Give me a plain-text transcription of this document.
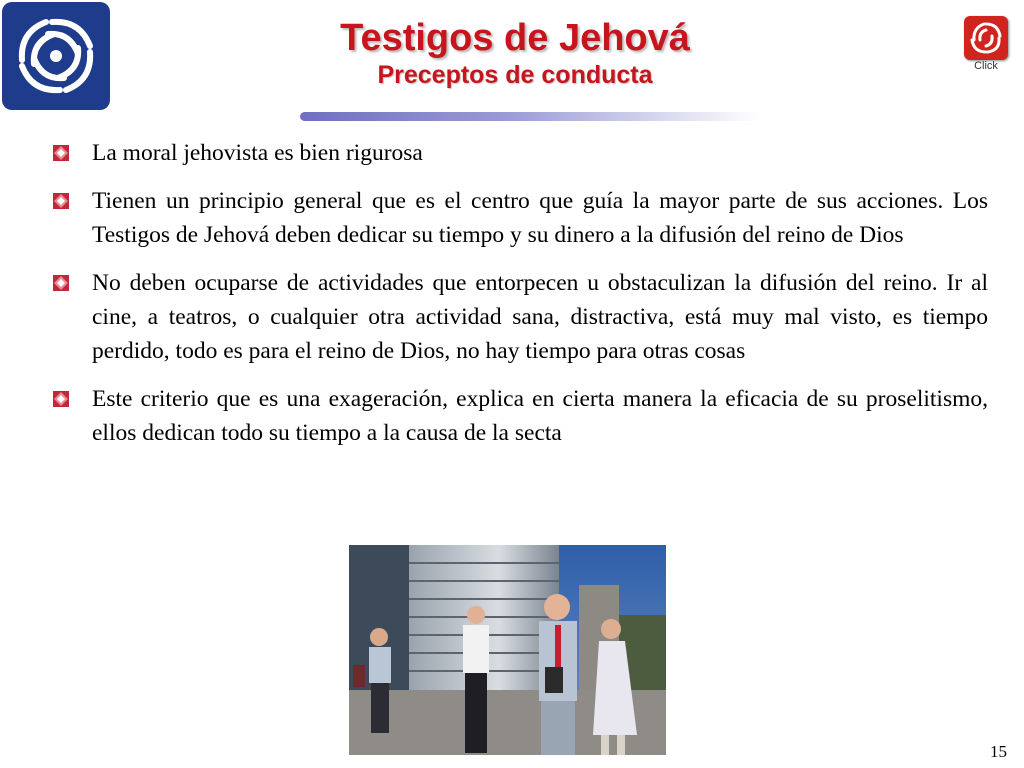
Testigos de Jehová
Preceptos de conducta	Click
La moral jehovista es bien rigurosa
Tienen un principio general que es el centro que guía la mayor parte de sus acciones. Los Testigos de Jehová deben dedicar su tiempo y su dinero a la difusión del reino de Dios
No deben ocuparse de actividades que entorpecen u obstaculizan la difusión del reino. Ir al cine, a teatros, o cualquier otra actividad sana, distractiva, está muy mal visto, es tiempo perdido, todo es para el reino de Dios, no hay tiempo para otras cosas
Este criterio que es una exageración, explica en cierta manera la eficacia de su proselitismo, ellos dedican todo su tiempo a la causa de la secta
15
